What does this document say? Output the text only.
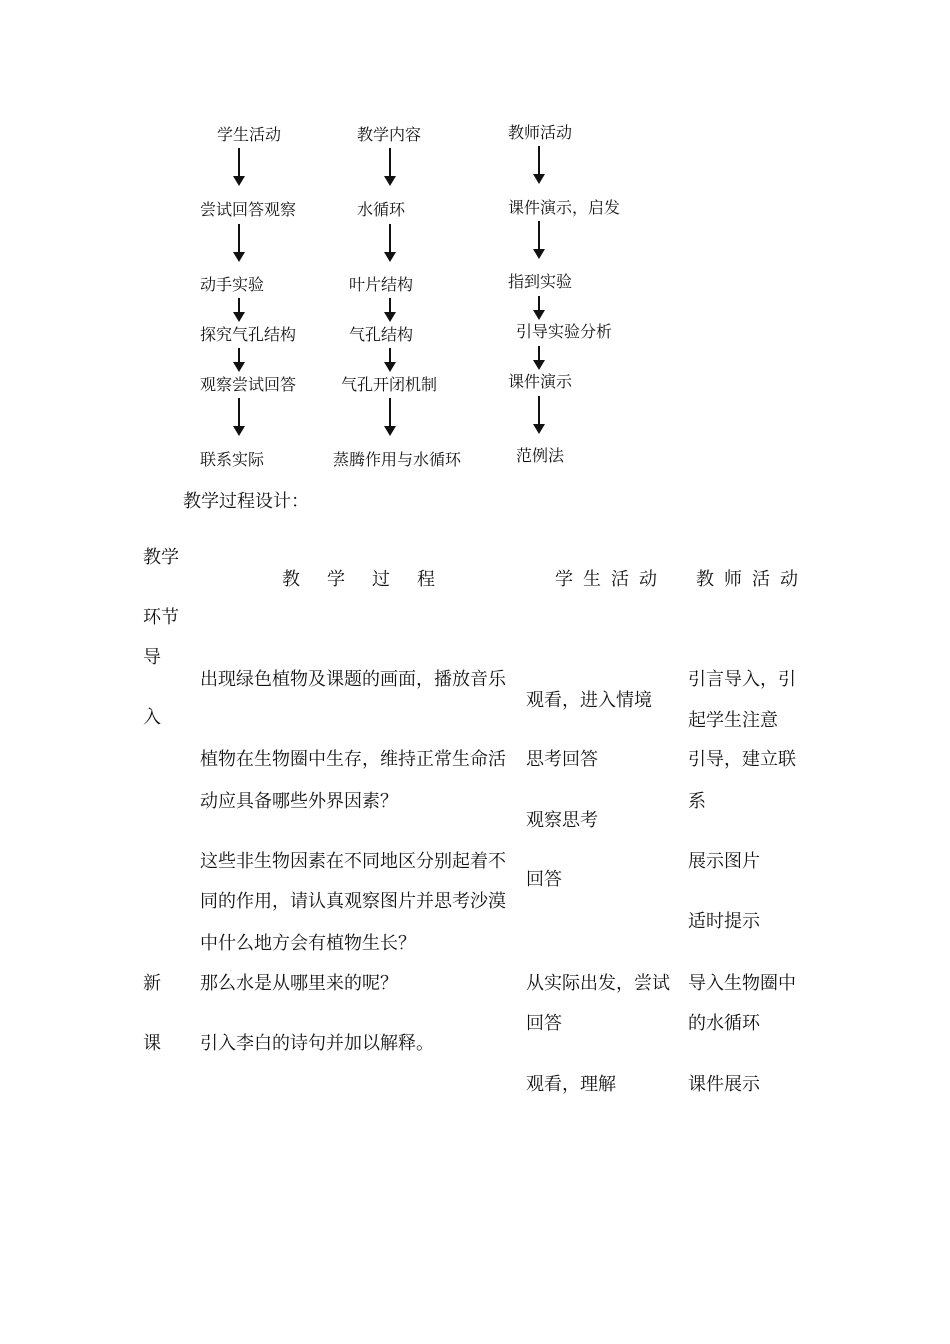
学生活动
尝试回答观察
动手实验
探究气孔结构
观察尝试回答
联系实际
教学内容
水循环
叶片结构
气孔结构
气孔开闭机制
蒸腾作用与水循环
教师活动
课件演示，启发
指到实验
引导实验分析
课件演示
范例法
教学过程设计：
教学
环节
教学过程	学生活动 教师活动
导
入
新
课
出现绿色植物及课题的画面，播放音乐
植物在生物圈中生存，维持正常生命活
动应具备哪些外界因素？
这些非生物因素在不同地区分别起着不
同的作用，请认真观察图片并思考沙漠
中什么地方会有植物生长？
那么水是从哪里来的呢？
引入李白的诗句并加以解释。
观看，进入情境
思考回答
观察思考
回答
从实际出发，尝试
回答
观看，理解
引言导入，引
起学生注意
引导，建立联
系
展示图片
适时提示
导入生物圈中
的水循环
课件展示
